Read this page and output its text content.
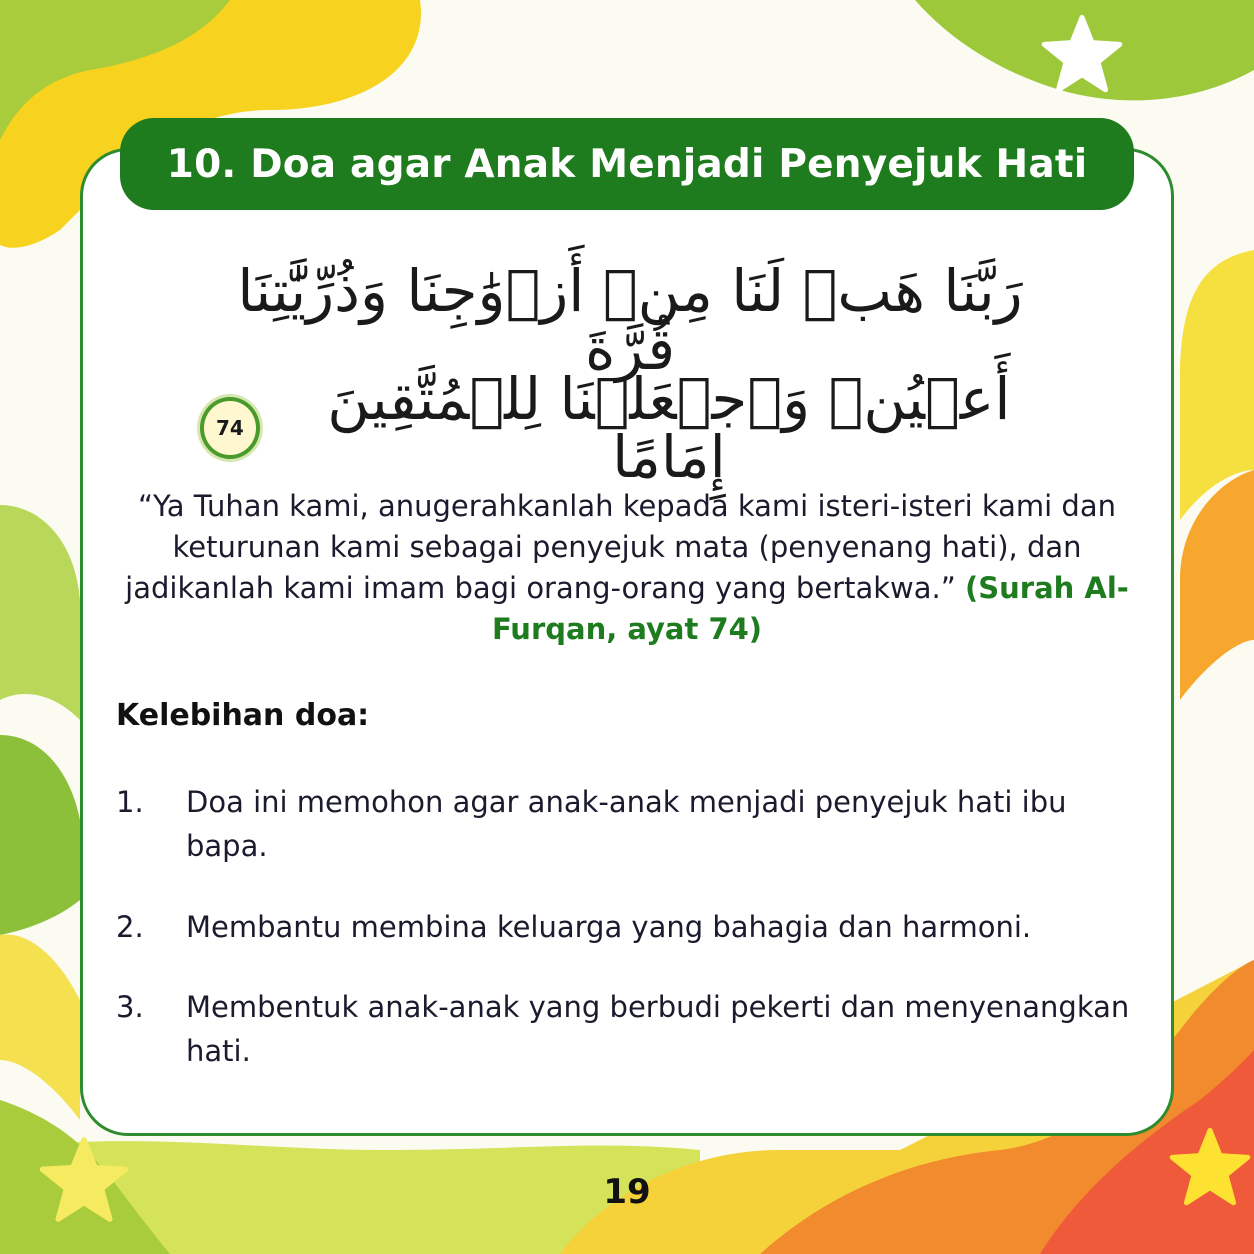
10. Doa agar Anak Menjadi Penyejuk Hati
رَبَّنَا هَبۡ لَنَا مِنۡ أَزۡوَٰجِنَا وَذُرِّيَّٰتِنَا قُرَّةَ
أَعۡيُنٖ وَٱجۡعَلۡنَا لِلۡمُتَّقِينَ إِمَامًا
74
“Ya Tuhan kami, anugerahkanlah kepada kami isteri-isteri kami dan keturunan kami sebagai penyejuk mata (penyenang hati), dan jadikanlah kami imam bagi orang-orang yang bertakwa.” (Surah Al-Furqan, ayat 74)
Kelebihan doa:
1.	Doa ini memohon agar anak-anak menjadi penyejuk hati ibu bapa.
2.	Membantu membina keluarga yang bahagia dan harmoni.
3.	Membentuk anak-anak yang berbudi pekerti dan menyenangkan hati.
19
